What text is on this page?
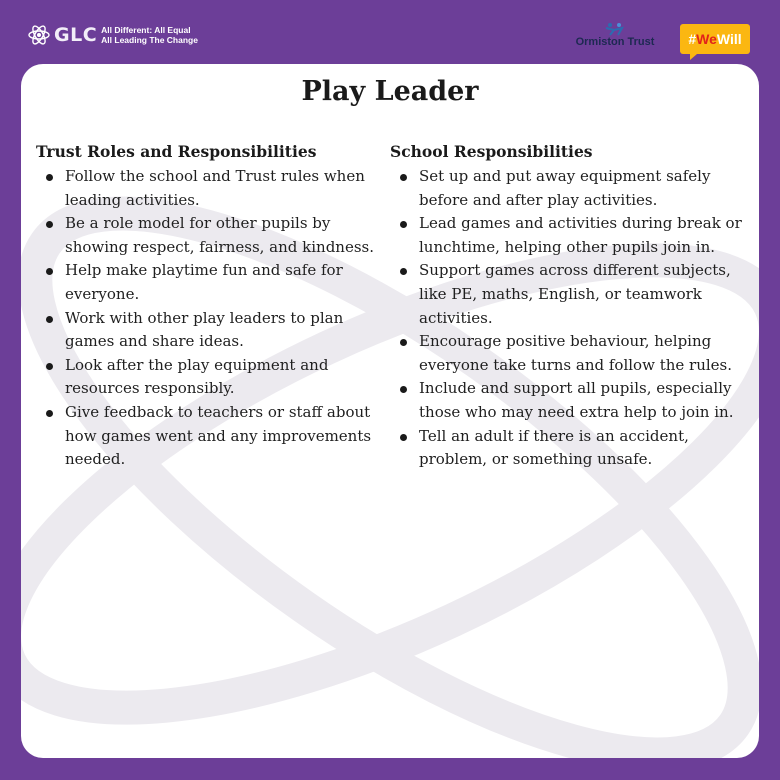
GLC All Different: All Equal
All Leading The Change	Ormiston Trust # We Will
Play Leader
Trust Roles and Responsibilities
Follow the school and Trust rules when leading activities.
Be a role model for other pupils by showing respect, fairness, and kindness.
Help make playtime fun and safe for everyone.
Work with other play leaders to plan games and share ideas.
Look after the play equipment and resources responsibly.
Give feedback to teachers or staff about how games went and any improvements needed.
School Responsibilities
Set up and put away equipment safely before and after play activities.
Lead games and activities during break or lunchtime, helping other pupils join in.
Support games across different subjects, like PE, maths, English, or teamwork activities.
Encourage positive behaviour, helping everyone take turns and follow the rules.
Include and support all pupils, especially those who may need extra help to join in.
Tell an adult if there is an accident, problem, or something unsafe.
